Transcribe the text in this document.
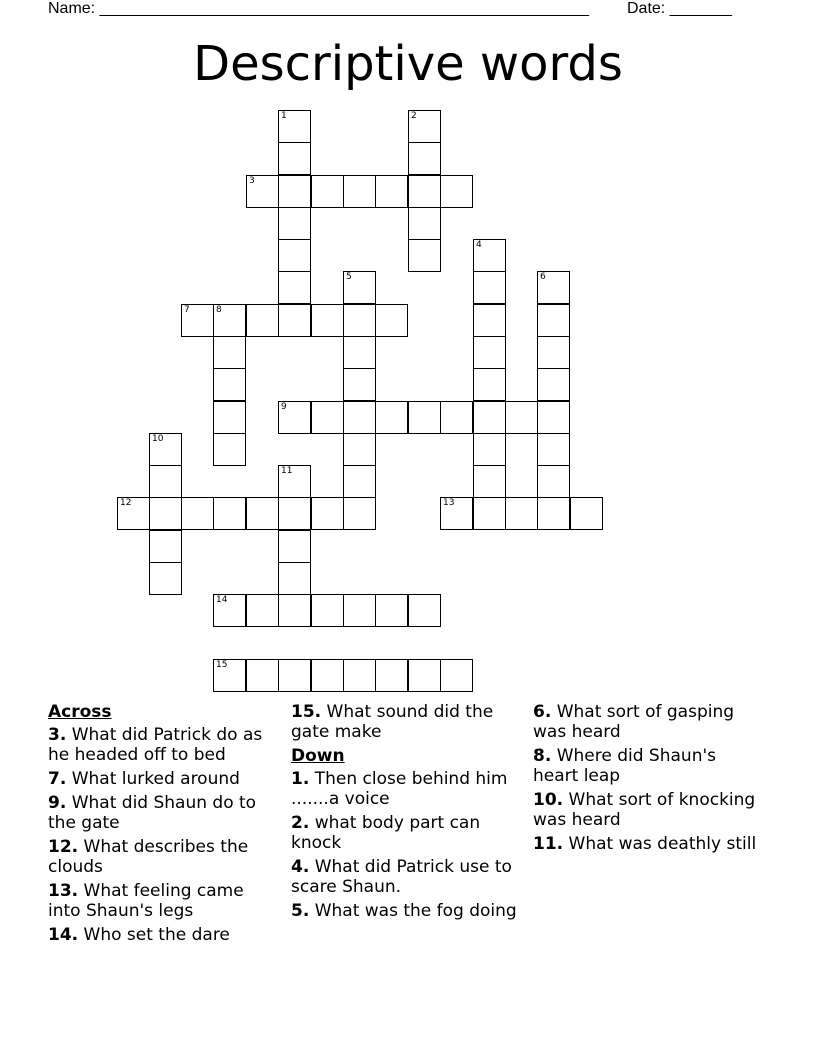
Name: _______________________________________________________ Date: _______
Descriptive words
1	2
3
4
5	6
7	8
9
10
11
12	13
14
15
Across
3. What did Patrick do as he headed off to bed
7. What lurked around
9. What did Shaun do to the gate
12. What describes the clouds
13. What feeling came into Shaun's legs
14. Who set the dare
15. What sound did the gate make
Down
1. Then close behind him .......a voice
2. what body part can knock
4. What did Patrick use to scare Shaun.
5. What was the fog doing
6. What sort of gasping was heard
8. Where did Shaun's heart leap
10. What sort of knocking was heard
11. What was deathly still
